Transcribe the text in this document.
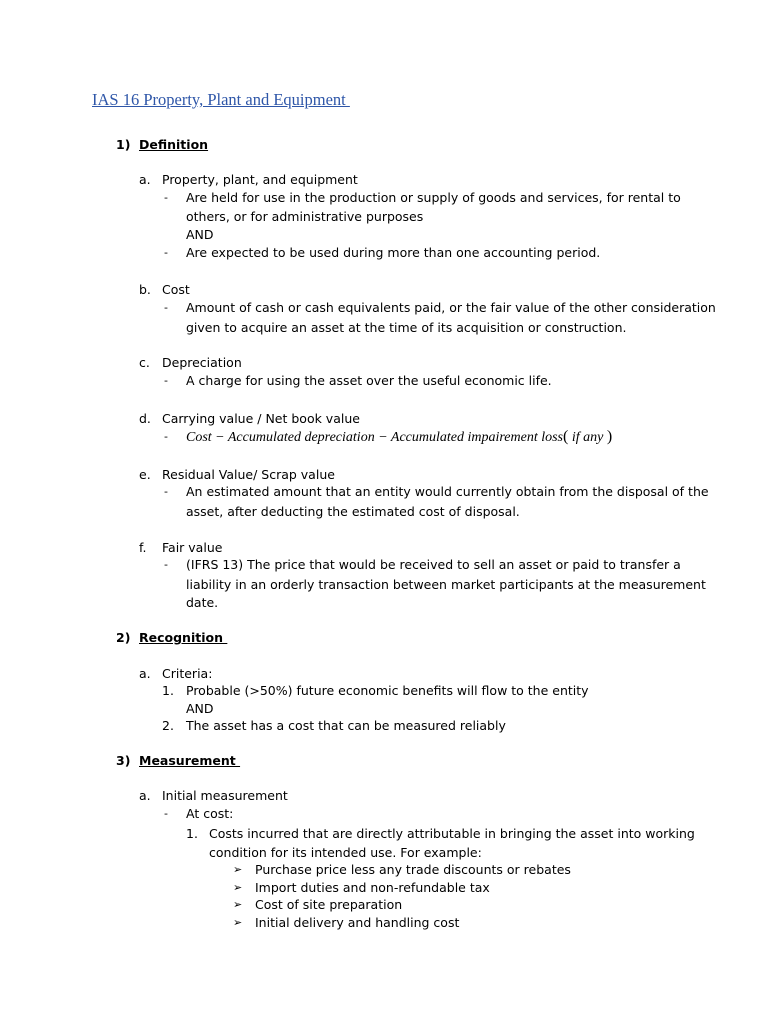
IAS 16 Property, Plant and Equipment
1) Definition
a. Property, plant, and equipment
- Are held for use in the production or supply of goods and services, for rental to
others, or for administrative purposes
AND
- Are expected to be used during more than one accounting period.
b. Cost
- Amount of cash or cash equivalents paid, or the fair value of the other consideration
given to acquire an asset at the time of its acquisition or construction.
c. Depreciation
- A charge for using the asset over the useful economic life.
d. Carrying value / Net book value
- Cost − Accumulated depreciation − Accumulated impairement loss( if any )
e. Residual Value/ Scrap value
- An estimated amount that an entity would currently obtain from the disposal of the
asset, after deducting the estimated cost of disposal.
f. Fair value
- (IFRS 13) The price that would be received to sell an asset or paid to transfer a
liability in an orderly transaction between market participants at the measurement
date.
2) Recognition
a. Criteria:
1. Probable (>50%) future economic benefits will flow to the entity
AND
2. The asset has a cost that can be measured reliably
3) Measurement
a. Initial measurement
- At cost:
1. Costs incurred that are directly attributable in bringing the asset into working
condition for its intended use. For example:
➢ Purchase price less any trade discounts or rebates
➢ Import duties and non-refundable tax
➢ Cost of site preparation
➢ Initial delivery and handling cost
